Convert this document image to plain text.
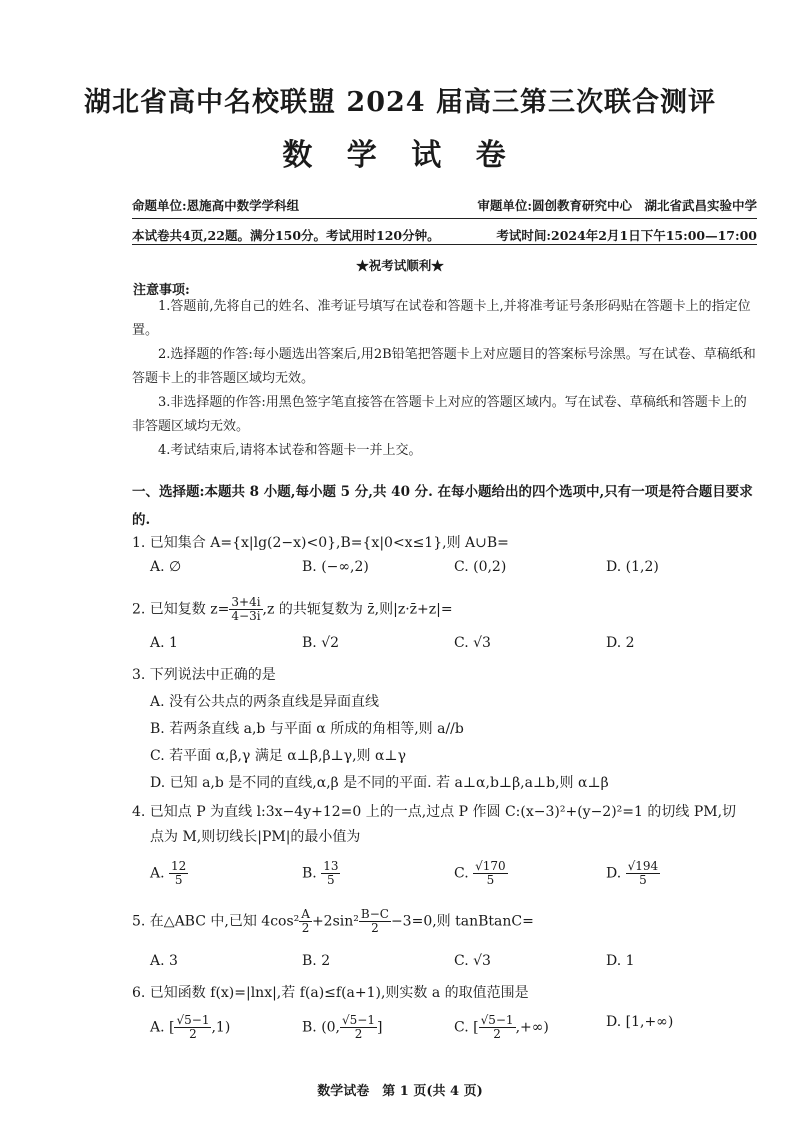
湖北省高中名校联盟 2024 届高三第三次联合测评
数 学 试 卷
命题单位:恩施高中数学学科组	审题单位:圆创教育研究中心　湖北省武昌实验中学
本试卷共4页,22题。满分150分。考试用时120分钟。	考试时间:2024年2月1日下午15:00—17:00
★祝考试顺利★
注意事项:
1.答题前,先将自己的姓名、准考证号填写在试卷和答题卡上,并将准考证号条形码贴在答题卡上的指定位置。
2.选择题的作答:每小题选出答案后,用2B铅笔把答题卡上对应题目的答案标号涂黑。写在试卷、草稿纸和答题卡上的非答题区域均无效。
3.非选择题的作答:用黑色签字笔直接答在答题卡上对应的答题区域内。写在试卷、草稿纸和答题卡上的非答题区域均无效。
4.考试结束后,请将本试卷和答题卡一并上交。
一、选择题:本题共 8 小题,每小题 5 分,共 40 分. 在每小题给出的四个选项中,只有一项是符合题目要求的.
1. 已知集合 A={x|lg(2−x)<0},B={x|0<x≤1},则 A∪B=
A. ∅	B. (−∞,2)	C. (0,2)	D. (1,2)
2. 已知复数 $z= \frac{3+4i}{4-3i} ,z$ 的共轭复数为 z̄,则|z·z̄+z|=
A. 1	B. √2	C. √3	D. 2
3. 下列说法中正确的是
A. 没有公共点的两条直线是异面直线
B. 若两条直线 a,b 与平面 α 所成的角相等,则 a//b
C. 若平面 α,β,γ 满足 α⊥β,β⊥γ,则 α⊥γ
D. 已知 a,b 是不同的直线,α,β 是不同的平面. 若 a⊥α,b⊥β,a⊥b,则 α⊥β
4. 已知点 P 为直线 l:3x−4y+12=0 上的一点,过点 P 作圆 C:(x−3)²+(y−2)²=1 的切线 PM,切
点为 M,则切线长|PM|的最小值为
A. $\frac{12}{5}$	B. $\frac{13}{5}$	C. $\frac{√170}{5}$	D. $\frac{√194}{5}$
5. 在△ABC 中,已知 $4\cos^2 \frac{A}{2} +2\sin^2 \frac{B-C}{2} -3=0$,则 tanBtanC=
A. 3	B. 2	C. √3	D. 1
6. 已知函数 f(x)=|lnx|,若 f(a)≤f(a+1),则实数 a 的取值范围是
A. [ $\frac{√5-1}{2} ,1$)	B. (0, $\frac{√5-1}{2}$ ]	C. [ $\frac{√5-1}{2}$ ,+∞)	D. [1,+∞)
数学试卷　第 1 页(共 4 页)
